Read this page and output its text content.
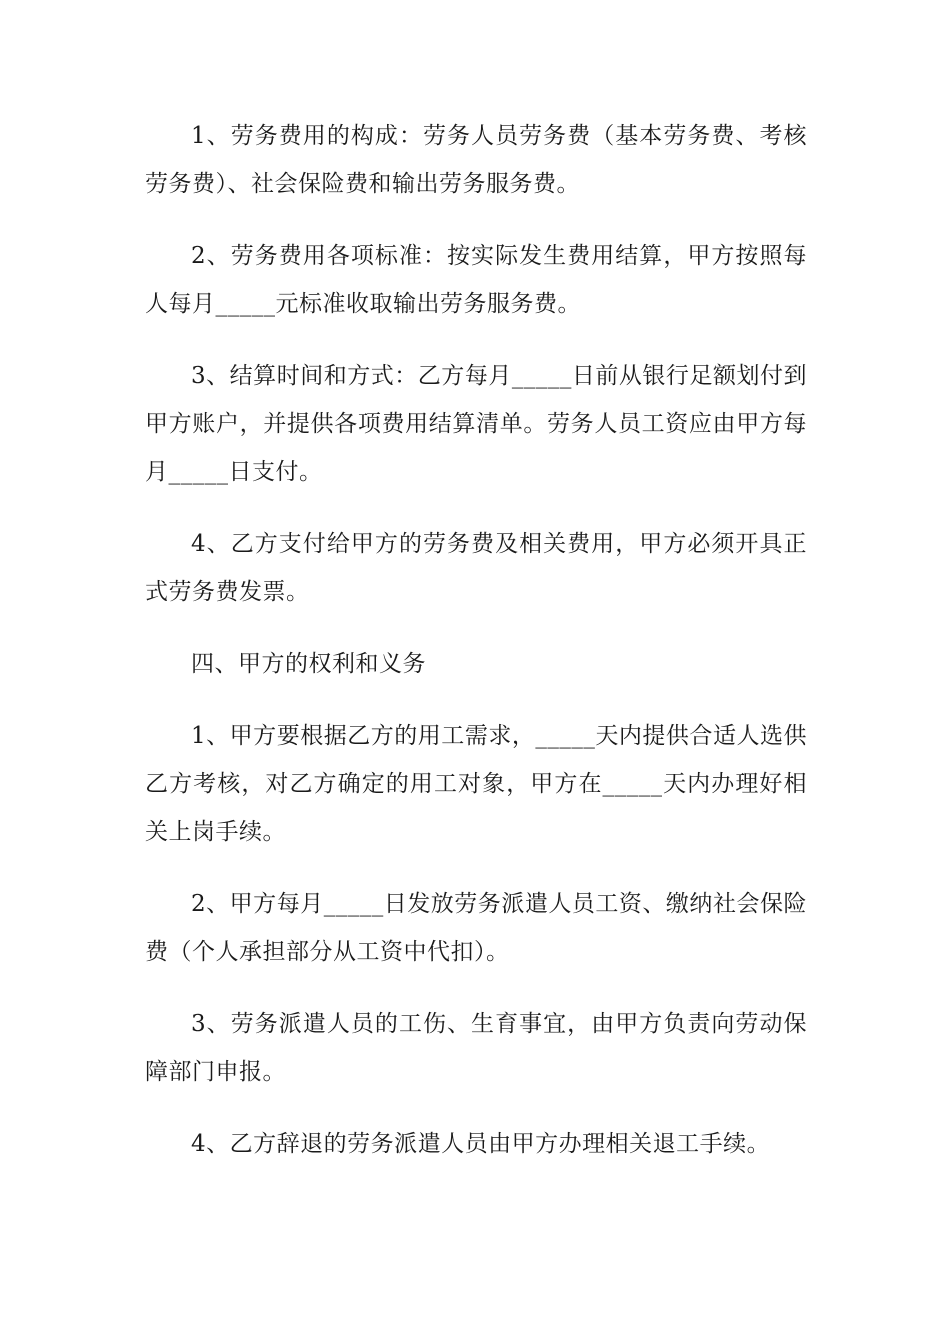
1、劳务费用的构成：劳务人员劳务费（基本劳务费、考核劳务费）、社会保险费和输出劳务服务费。

2、劳务费用各项标准：按实际发生费用结算，甲方按照每人每月_____元标准收取输出劳务服务费。

3、结算时间和方式：乙方每月_____日前从银行足额划付到甲方账户，并提供各项费用结算清单。劳务人员工资应由甲方每月_____日支付。

4、乙方支付给甲方的劳务费及相关费用，甲方必须开具正式劳务费发票。

四、甲方的权利和义务

1、甲方要根据乙方的用工需求，_____天内提供合适人选供乙方考核，对乙方确定的用工对象，甲方在_____天内办理好相关上岗手续。

2、甲方每月_____日发放劳务派遣人员工资、缴纳社会保险费（个人承担部分从工资中代扣）。

3、劳务派遣人员的工伤、生育事宜，由甲方负责向劳动保障部门申报。

4、乙方辞退的劳务派遣人员由甲方办理相关退工手续。
